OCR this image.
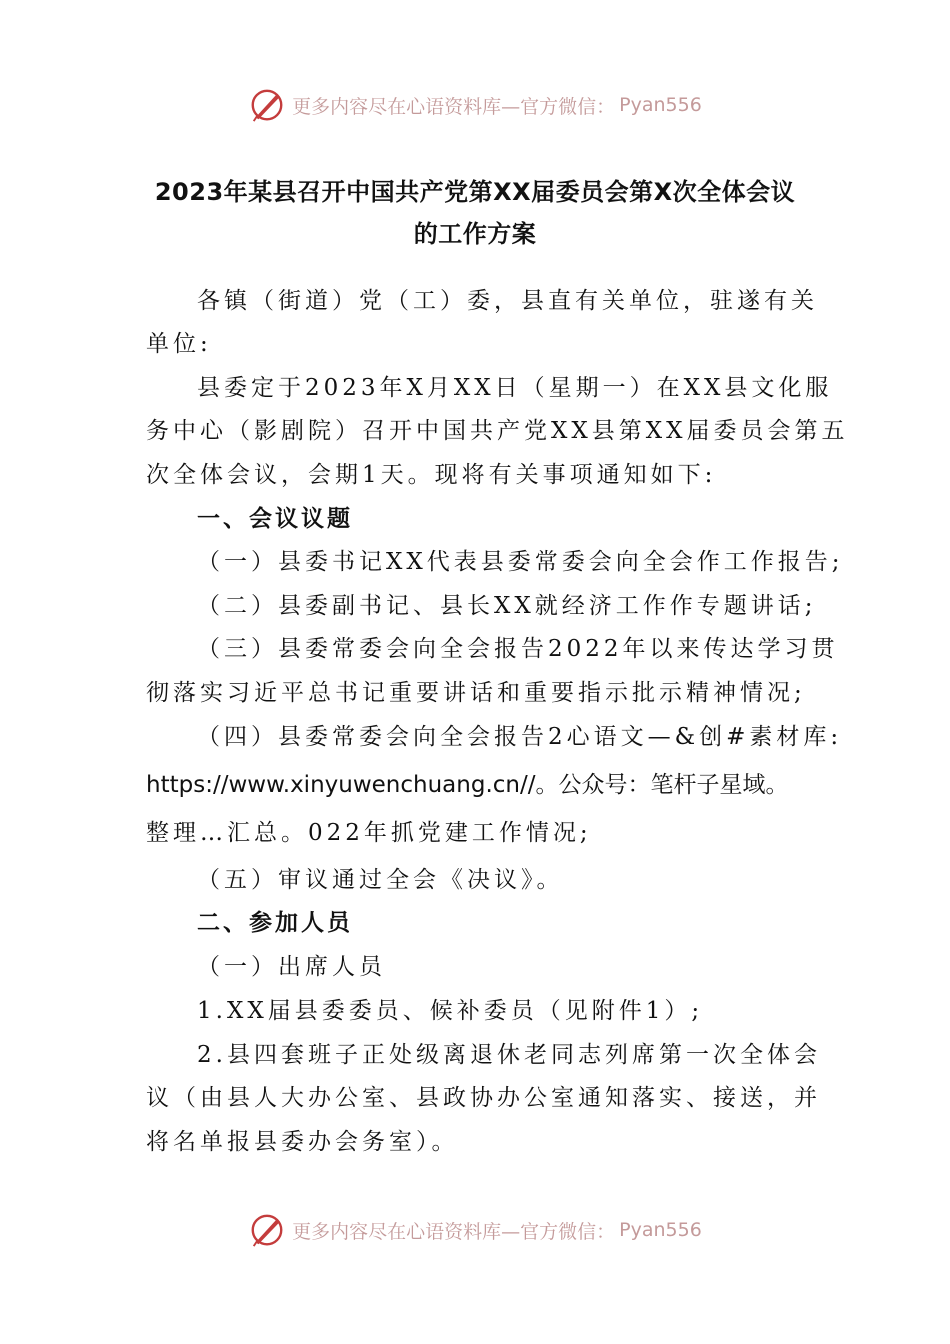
更多内容尽在心语资料库—官方微信： Pyan556
2023年某县召开中国共产党第XX届委员会第X次全体会议
的工作方案
各镇（街道）党（工）委，县直有关单位，驻遂有关
单位:
县委定于2023年X月XX日（星期一）在XX县文化服
务中心（影剧院）召开中国共产党XX县第XX届委员会第五
次全体会议，会期1天。现将有关事项通知如下:
一、会议议题
（一）县委书记XX代表县委常委会向全会作工作报告;
（二）县委副书记、县长XX就经济工作作专题讲话;
（三）县委常委会向全会报告2022年以来传达学习贯
彻落实习近平总书记重要讲话和重要指示批示精神情况;
（四）县委常委会向全会报告2心语文—&创#素材库:
https://www.xinyuwenchuang.cn//。公众号：笔杆子星域。
整理…汇总。022年抓党建工作情况;
（五）审议通过全会《决议》。
二、参加人员
（一）出席人员
1.XX届县委委员、候补委员（见附件1）;
2.县四套班子正处级离退休老同志列席第一次全体会
议（由县人大办公室、县政协办公室通知落实、接送，并
将名单报县委办会务室）。
更多内容尽在心语资料库—官方微信： Pyan556
